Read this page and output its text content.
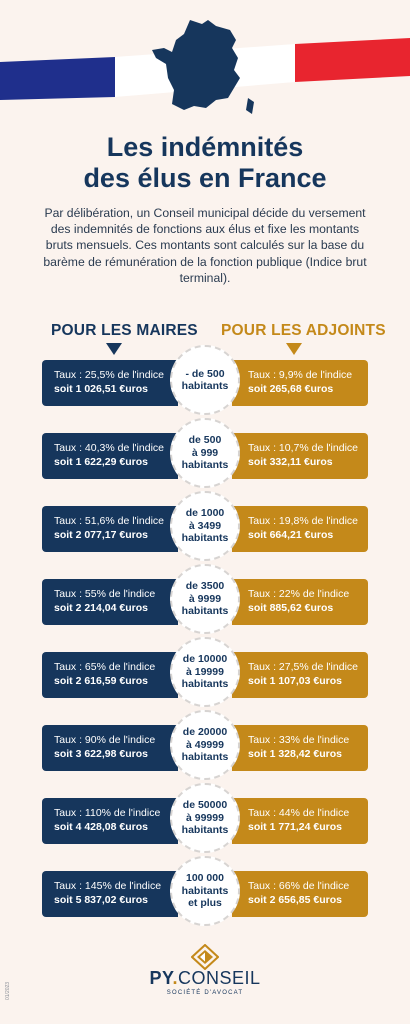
Les indémnités
des élus en France

Par délibération, un Conseil municipal décide du versement des indemnités de fonctions aux élus et fixe les montants bruts mensuels. Ces montants sont calculés sur la base du barème de rémunération de la fonction publique (Indice brut terminal).

POUR LES MAIRES POUR LES ADJOINTS
Taux : 25,5% de l'indice
soit 1 026,51 €uros
Taux : 9,9% de l'indice
soit 265,68 €uros
- de 500
habitants
Taux : 40,3% de l'indice
soit 1 622,29 €uros
Taux : 10,7% de l'indice
soit 332,11 €uros
de 500
à 999
habitants
Taux : 51,6% de l'indice
soit 2 077,17 €uros
Taux : 19,8% de l'indice
soit 664,21 €uros
de 1000
à 3499
habitants
Taux : 55% de l'indice
soit 2 214,04 €uros
Taux : 22% de l'indice
soit 885,62 €uros
de 3500
à 9999
habitants
Taux : 65% de l'indice
soit 2 616,59 €uros
Taux : 27,5% de l'indice
soit 1 107,03 €uros
de 10000
à 19999
habitants
Taux : 90% de l'indice
soit 3 622,98 €uros
Taux : 33% de l'indice
soit 1 328,42 €uros
de 20000
à 49999
habitants
Taux : 110% de l'indice
soit 4 428,08 €uros
Taux : 44% de l'indice
soit 1 771,24 €uros
de 50000
à 99999
habitants
Taux : 145% de l'indice
soit 5 837,02 €uros
Taux : 66% de l'indice
soit 2 656,85 €uros
100 000
habitants
et plus
PY.CONSEIL
SOCIÉTÉ D'AVOCAT
01/2023
